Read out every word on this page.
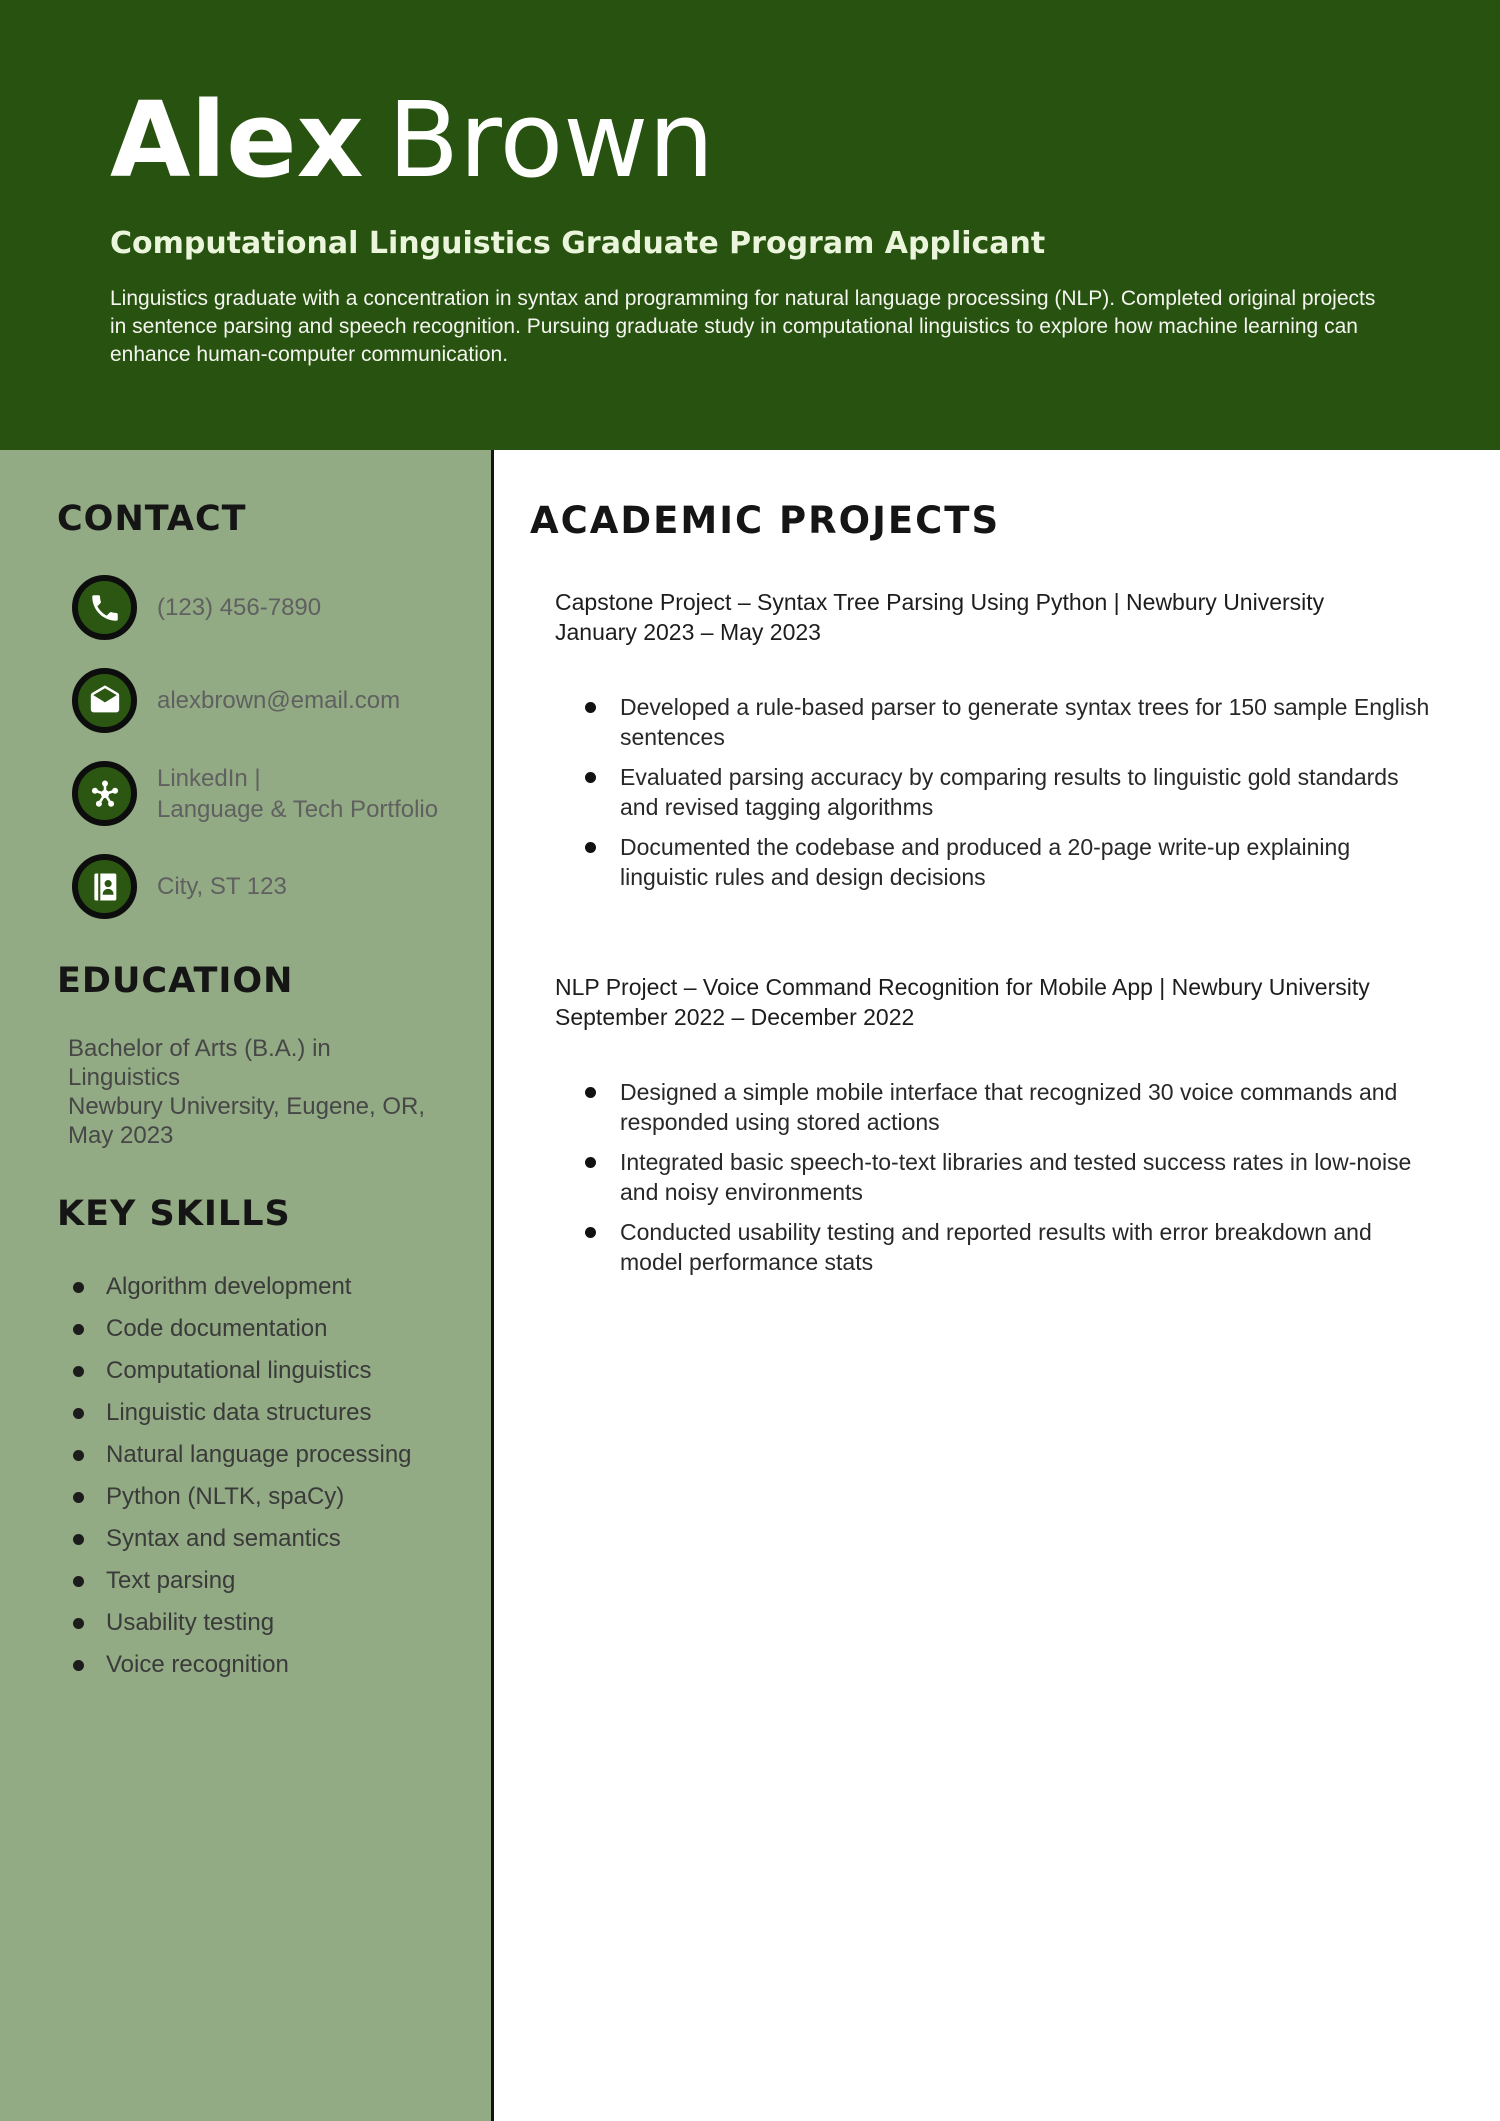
Alex Brown
Computational Linguistics Graduate Program Applicant
Linguistics graduate with a concentration in syntax and programming for natural language processing (NLP). Completed original projects in sentence parsing and speech recognition. Pursuing graduate study in computational linguistics to explore how machine learning can enhance human-computer communication.
CONTACT
(123) 456-7890
alexbrown@email.com
LinkedIn |
Language & Tech Portfolio
City, ST 123
EDUCATION
Bachelor of Arts (B.A.) in
Linguistics
Newbury University, Eugene, OR,
May 2023
KEY SKILLS
Algorithm development
Code documentation
Computational linguistics
Linguistic data structures
Natural language processing
Python (NLTK, spaCy)
Syntax and semantics
Text parsing
Usability testing
Voice recognition
ACADEMIC PROJECTS
Capstone Project – Syntax Tree Parsing Using Python | Newbury University
January 2023 – May 2023
Developed a rule-based parser to generate syntax trees for 150 sample English sentences
Evaluated parsing accuracy by comparing results to linguistic gold standards and revised tagging algorithms
Documented the codebase and produced a 20-page write-up explaining linguistic rules and design decisions
NLP Project – Voice Command Recognition for Mobile App | Newbury University
September 2022 – December 2022
Designed a simple mobile interface that recognized 30 voice commands and responded using stored actions
Integrated basic speech-to-text libraries and tested success rates in low-noise and noisy environments
Conducted usability testing and reported results with error breakdown and model performance stats
